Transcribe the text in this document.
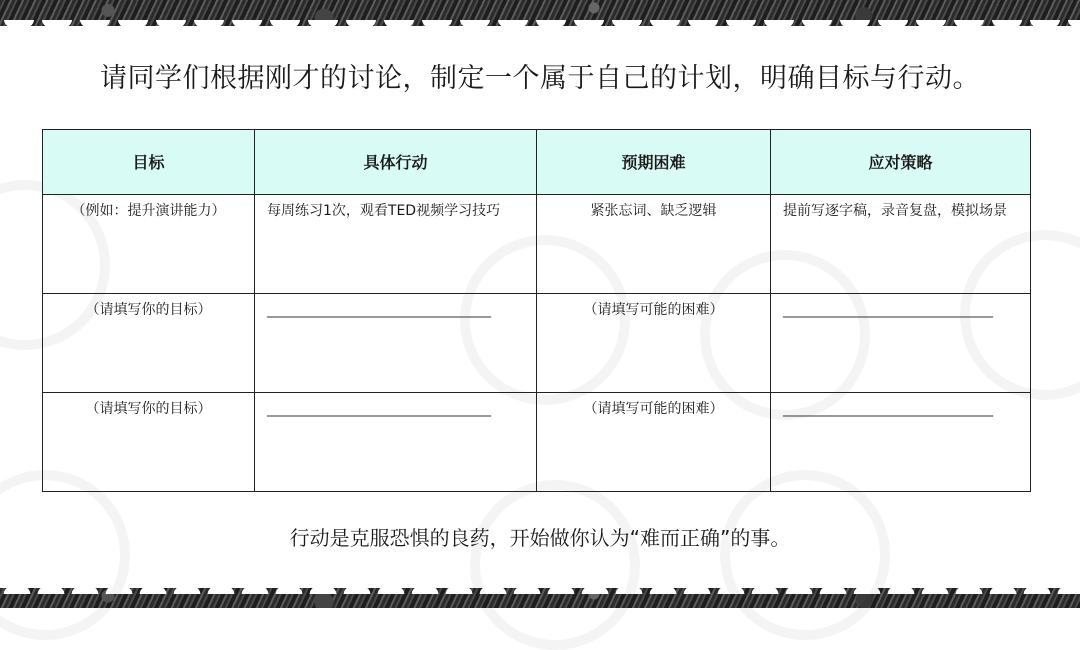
请同学们根据刚才的讨论，制定一个属于自己的计划，明确目标与行动。
目标	具体行动	预期困难	应对策略
（例如：提升演讲能力）	每周练习1次，观看TED视频学习技巧	紧张忘词、缺乏逻辑	提前写逐字稿，录音复盘，模拟场景
（请填写你的目标）	________________________________	（请填写可能的困难）	______________________________
（请填写你的目标）	________________________________	（请填写可能的困难）	______________________________
行动是克服恐惧的良药，开始做你认为“难而正确”的事。
